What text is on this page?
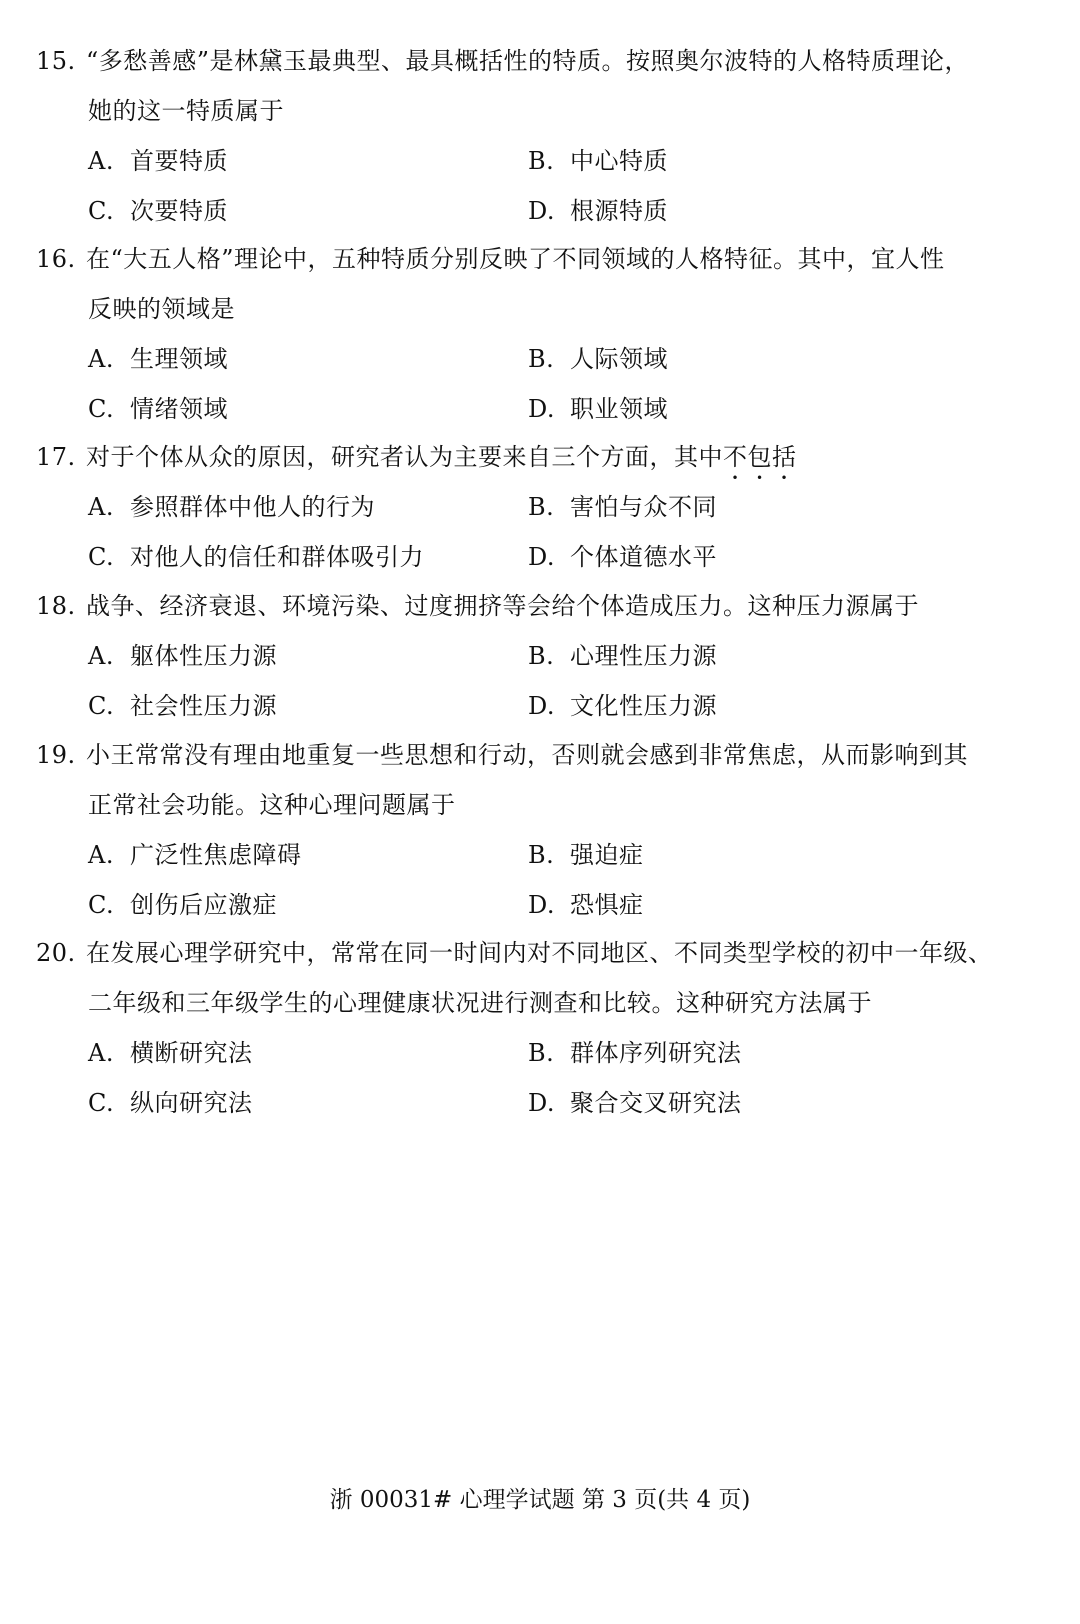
15. “多愁善感”是林黛玉最典型、最具概括性的特质。按照奥尔波特的人格特质理论，
她的这一特质属于
A. 首要特质	B. 中心特质
C. 次要特质	D. 根源特质
16. 在“大五人格”理论中，五种特质分别反映了不同领域的人格特征。其中，宜人性
反映的领域是
A. 生理领域	B. 人际领域
C. 情绪领域	D. 职业领域
17. 对于个体从众的原因，研究者认为主要来自三个方面，其中不包括
A. 参照群体中他人的行为	B. 害怕与众不同
C. 对他人的信任和群体吸引力	D. 个体道德水平
18. 战争、经济衰退、环境污染、过度拥挤等会给个体造成压力。这种压力源属于
A. 躯体性压力源	B. 心理性压力源
C. 社会性压力源	D. 文化性压力源
19. 小王常常没有理由地重复一些思想和行动，否则就会感到非常焦虑，从而影响到其
正常社会功能。这种心理问题属于
A. 广泛性焦虑障碍	B. 强迫症
C. 创伤后应激症	D. 恐惧症
20. 在发展心理学研究中，常常在同一时间内对不同地区、不同类型学校的初中一年级、
二年级和三年级学生的心理健康状况进行测查和比较。这种研究方法属于
A. 横断研究法	B. 群体序列研究法
C. 纵向研究法	D. 聚合交叉研究法
浙 00031# 心理学试题 第 3 页(共 4 页)
